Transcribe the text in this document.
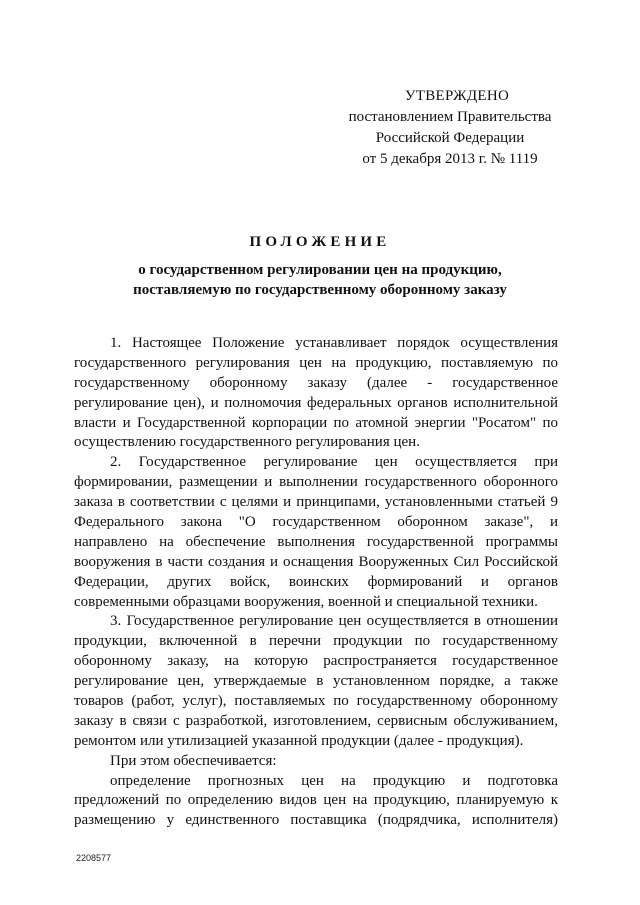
УТВЕРЖДЕНО
постановлением Правительства
Российской Федерации
от 5 декабря 2013 г. № 1119
ПОЛОЖЕНИЕ
о государственном регулировании цен на продукцию,
поставляемую по государственному оборонному заказу
1. Настоящее Положение устанавливает порядок осуществления
государственного регулирования цен на продукцию, поставляемую по
государственному оборонному заказу (далее - государственное
регулирование цен), и полномочия федеральных органов исполнительной
власти и Государственной корпорации по атомной энергии "Росатом" по
осуществлению государственного регулирования цен.
2. Государственное регулирование цен осуществляется при
формировании, размещении и выполнении государственного оборонного
заказа в соответствии с целями и принципами, установленными статьей 9
Федерального закона "О государственном оборонном заказе", и
направлено на обеспечение выполнения государственной программы
вооружения в части создания и оснащения Вооруженных Сил Российской
Федерации, других войск, воинских формирований и органов
современными образцами вооружения, военной и специальной техники.
3. Государственное регулирование цен осуществляется в отношении
продукции, включенной в перечни продукции по государственному
оборонному заказу, на которую распространяется государственное
регулирование цен, утверждаемые в установленном порядке, а также
товаров (работ, услуг), поставляемых по государственному оборонному
заказу в связи с разработкой, изготовлением, сервисным обслуживанием,
ремонтом или утилизацией указанной продукции (далее - продукция).
При этом обеспечивается:
определение прогнозных цен на продукцию и подготовка
предложений по определению видов цен на продукцию, планируемую к
размещению у единственного поставщика (подрядчика, исполнителя)
2208577
